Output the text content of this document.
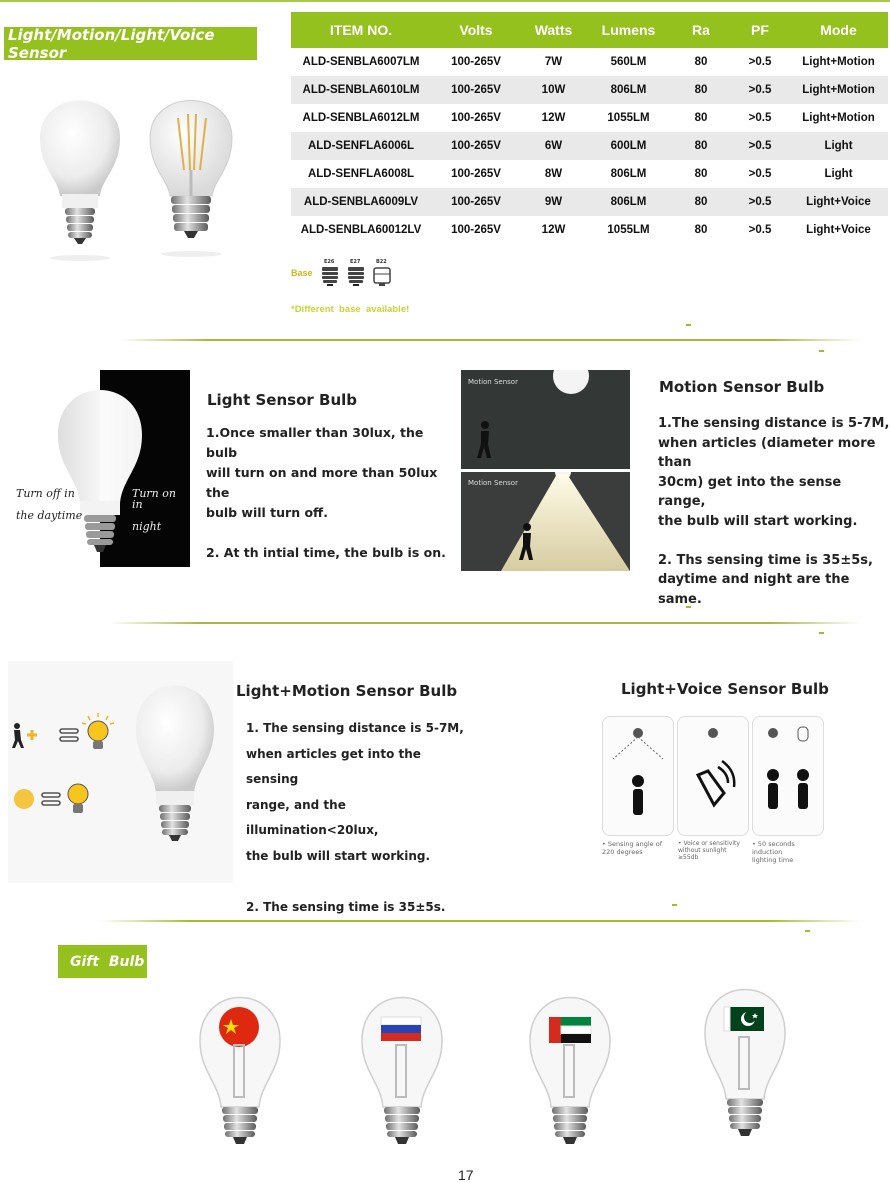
Light/Motion/Light/Voice Sensor
ITEM NO.	Volts	Watts	Lumens	Ra	PF	Mode
ALD-SENBLA6007LM	100-265V	7W	560LM	80	>0.5	Light+Motion
ALD-SENBLA6010LM	100-265V	10W	806LM	80	>0.5	Light+Motion
ALD-SENBLA6012LM	100-265V	12W	1055LM	80	>0.5	Light+Motion
ALD-SENFLA6006L	100-265V	6W	600LM	80	>0.5	Light
ALD-SENFLA6008L	100-265V	8W	806LM	80	>0.5	Light
ALD-SENBLA6009LV	100-265V	9W	806LM	80	>0.5	Light+Voice
ALD-SENBLA60012LV	100-265V	12W	1055LM	80	>0.5	Light+Voice
Base
E26	E27	B22
*Different  base  available!
Turn off in

the daytime
Turn on in

night
Light Sensor Bulb
1.Once smaller than 30lux, the bulb
will turn on and more than 50lux the
bulb will turn off.

2. At th intial time, the bulb is on.
Motion Sensor
Motion Sensor
Motion Sensor Bulb
1.The sensing distance is 5-7M,
when articles (diameter more than
30cm) get into the sense range,
the bulb will start working.

2. Ths sensing time is 35±5s,
daytime and night are the same.
Light+Motion Sensor Bulb
1. The sensing distance is 5-7M,
when articles get into the sensing
range, and the illumination<20lux,
the bulb will start working.

2. The sensing time is 35±5s.
Light+Voice Sensor Bulb
• Sensing angle of
220 degrees
• Voice or sensitivity
without sunlight
≥55db
• 50 seconds induction
lighting time
Gift  Bulb
17
